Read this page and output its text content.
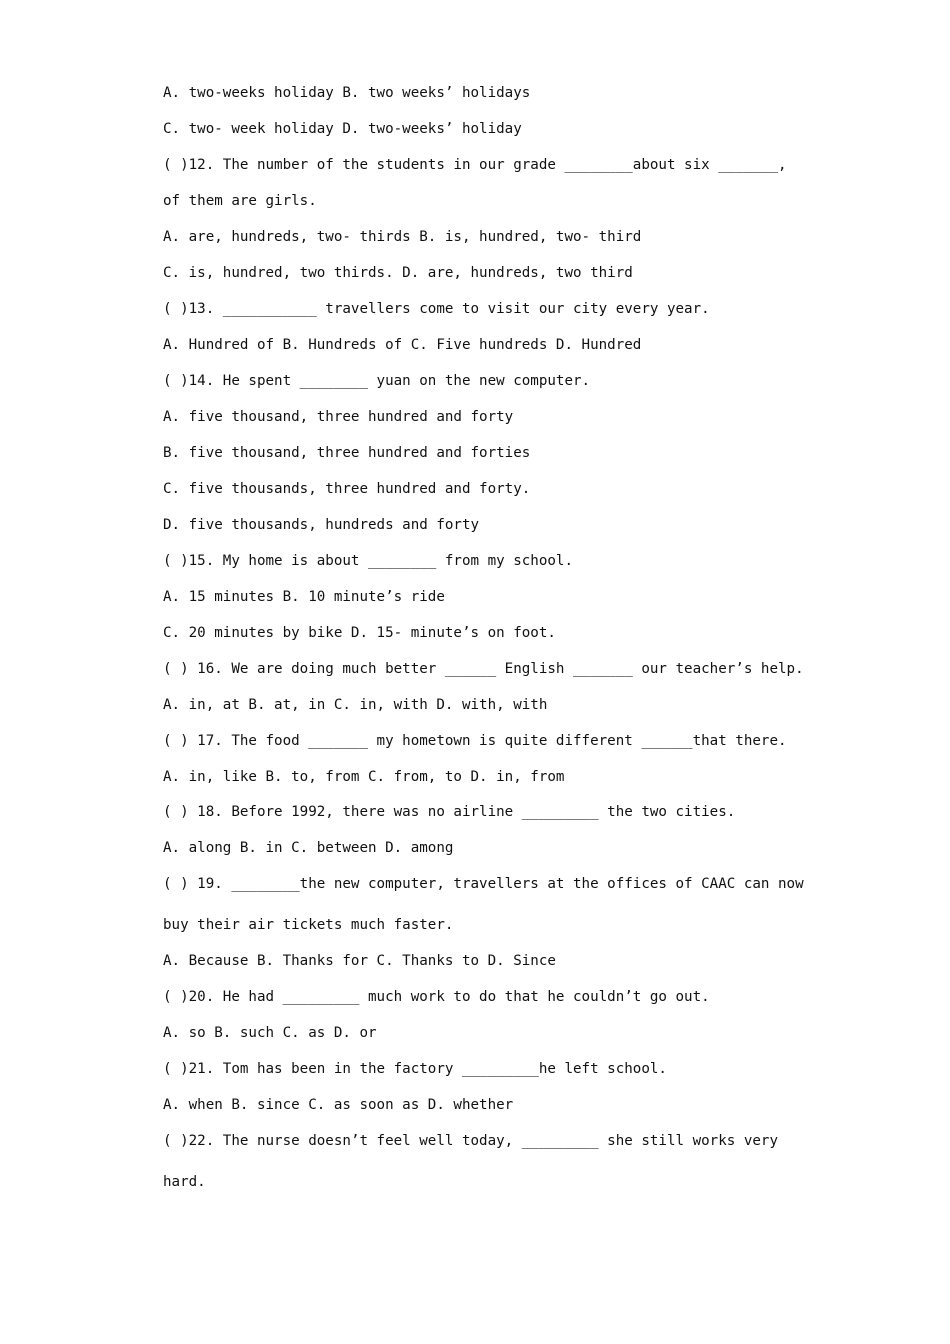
A. two-weeks holiday B. two weeks’ holidays
C. two- week holiday D. two-weeks’ holiday
( )12. The number of the students in our grade ________about six _______,
of them are girls.
A. are, hundreds, two- thirds B. is, hundred, two- third
C. is, hundred, two thirds. D. are, hundreds, two third
( )13. ___________ travellers come to visit our city every year.
A. Hundred of B. Hundreds of C. Five hundreds D. Hundred
( )14. He spent ________ yuan on the new computer.
A. five thousand, three hundred and forty
B. five thousand, three hundred and forties
C. five thousands, three hundred and forty.
D. five thousands, hundreds and forty
( )15. My home is about ________ from my school.
A. 15 minutes B. 10 minute’s ride
C. 20 minutes by bike D. 15- minute’s on foot.
( ) 16. We are doing much better ______ English _______ our teacher’s help.
A. in, at B. at, in C. in, with D. with, with
( ) 17. The food _______ my hometown is quite different ______that there.
A. in, like B. to, from C. from, to D. in, from
( ) 18. Before 1992, there was no airline _________ the two cities.
A. along B. in C. between D. among
( ) 19. ________the new computer, travellers at the offices of CAAC can now
buy their air tickets much faster.
A. Because B. Thanks for C. Thanks to D. Since
( )20. He had _________ much work to do that he couldn’t go out.
A. so B. such C. as D. or
( )21. Tom has been in the factory _________he left school.
A. when B. since C. as soon as D. whether
( )22. The nurse doesn’t feel well today, _________ she still works very
hard.
